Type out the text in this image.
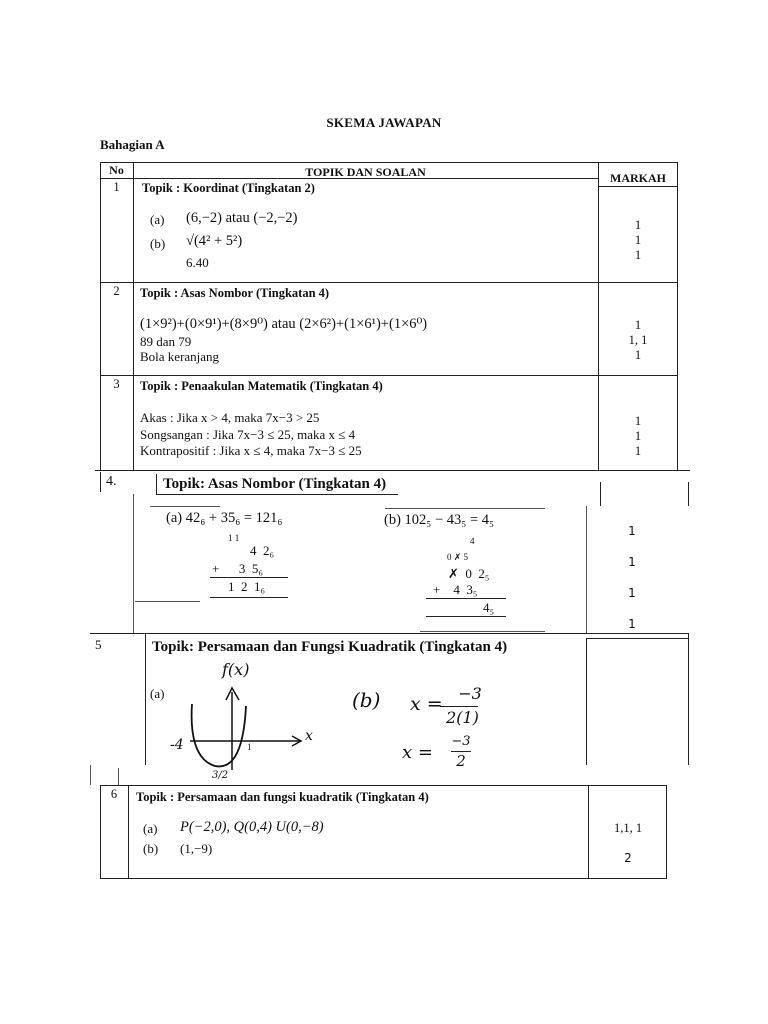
SKEMA JAWAPAN
Bahagian A
No	TOPIK DAN SOALAN	MARKAH
1	Topik : Koordinat (Tingkatan 2)
(a) (6,−2) atau (−2,−2)
(b) √(4² + 5²)
6.40
1
1
1
2	Topik : Asas Nombor (Tingkatan 4)
(1×9²)+(0×9¹)+(8×9⁰) atau (2×6²)+(1×6¹)+(1×6⁰)
89 dan 79
Bola keranjang
1
1, 1
1
3	Topik : Penaakulan Matematik (Tingkatan 4)
Akas : Jika x > 4, maka 7x−3 > 25
Songsangan : Jika 7x−3 ≤ 25, maka x ≤ 4
Kontrapositif : Jika x ≤ 4, maka 7x−3 ≤ 25
1
1
1
4.	Topik: Asas Nombor (Tingkatan 4)
(a) 42₆ + 35₆ = 121₆
1 1
4  2₆
+      3  5₆
1  2  1₆
(b) 102₅ − 43₅ = 4₅
4
0 ✗ 5
✗  0  2₅
+    4  3₅
4₅
1
1
1
1
5	Topik: Persamaan dan Fungsi Kuadratik (Tingkatan 4)
(a)
f(x)
x
-4	1
3/2
(b) x = −3
2(1)
x =
−3
2
6	Topik : Persamaan dan fungsi kuadratik (Tingkatan 4)
(a) P(−2,0), Q(0,4) U(0,−8)
(b) (1,−9)
1,1, 1
2
